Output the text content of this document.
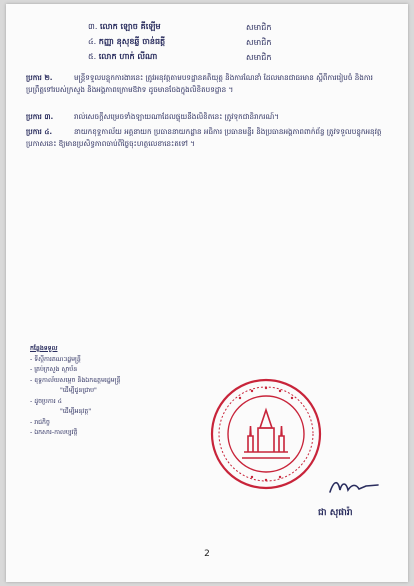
៣. លោក ឡោច គីឡើម	សមាជិក
៤. កញ្ញា នុសុខឆ្លី ចាន់ធត្តី	សមាជិក
៥. លោក ហាក់ លីណា	សមាជិក
ប្រការ ២.	មន្ត្រីទទួលបន្ទុកការងារនេះ ត្រូវអនុវត្តតាមបទដ្ឋានគតិយុត្ត និងការណែនាំ ដែលមានជាធរមាន ស្ដីពីការរៀបចំ និងការប្រព្រឹត្តទៅរបស់ក្រសួង និងអង្គភាពក្រោមឱវាទ ដូចមានចែងក្នុងលិខិតបទដ្ឋាន ។
ប្រការ ៣.	រាល់សេចក្តីសម្រេចទាំងឡាយណាដែលផ្ទុយនឹងលិខិតនេះ ត្រូវទុកជានិរាករណ៍។
ប្រការ ៤.	នាយកខុទ្ទកាល័យ អគ្គនាយក ប្រធាននាយកដ្ឋាន អធិការ ប្រធានមន្ទីរ និងប្រធានអង្គភាពពាក់ព័ន្ធ ត្រូវទទួលបន្ទុកអនុវត្តប្រកាសនេះ ឱ្យមានប្រសិទ្ធភាពចាប់ពីថ្ងៃចុះហត្ថលេខានេះតទៅ ។
ជា សុផារ៉ា
កន្លែងទទួល
- ទីស្តីការគណៈរដ្ឋមន្ត្រី
- គ្រប់ក្រសួង ស្ថាប័ន
- ខុទ្ទកាល័យសម្តេច និងឯកឧត្តមរដ្ឋមន្ត្រី
"ដើម្បីជូនជ្រាប"
- ដូចប្រការ ៤
"ដើម្បីអនុវត្ត"
- រាជកិច្ច
- ឯកសារ-កាលប្បវត្តិ
2
